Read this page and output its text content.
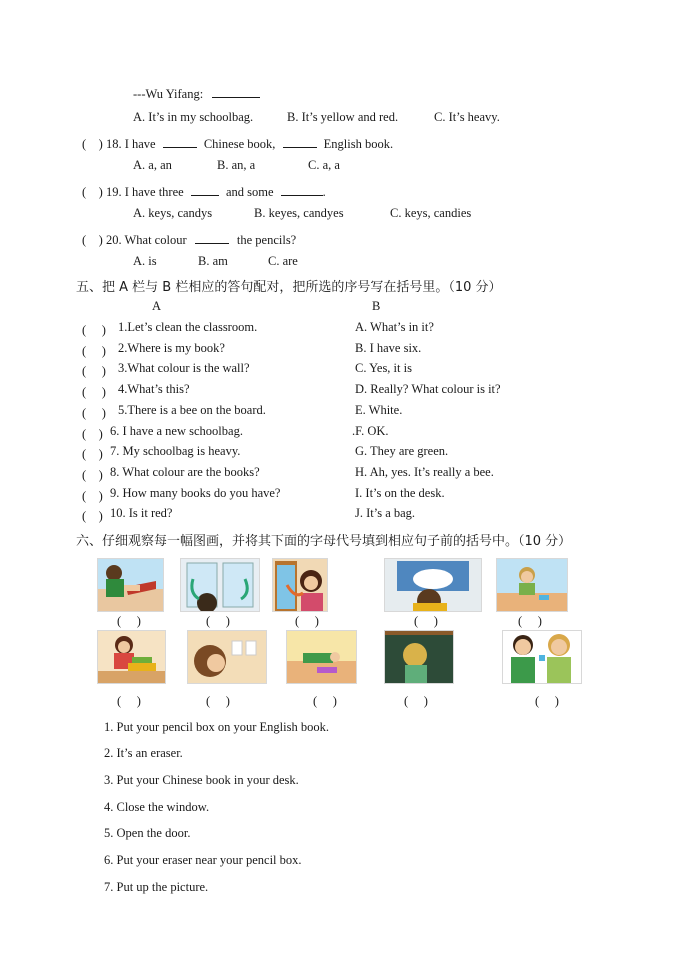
---Wu Yifang:
A. It’s in my schoolbag.	B. It’s yellow and red.	C. It’s heavy.
(　) 18. I have	Chinese book,	English book.
A. a, an	B. an, a	C. a, a
(　) 19. I have three	and some	.
A. keys, candys	B. keyes, candyes	C. keys, candies
(　) 20. What colour	the pencils?
A. is	B. am	C. are
五、把 A 栏与 B 栏相应的答句配对，把所选的序号写在括号里。（10 分）
A	B
(　 ) 1.Let’s clean the classroom.	A. What’s in it?
(　 ) 2.Where is my book?	B. I have six.
(　 ) 3.What colour is the wall?	C. Yes, it is
(　 ) 4.What’s this?	D. Really? What colour is it?
(　 ) 5.There is a bee on the board.	E. White.
(　) 6. I have a new schoolbag.	.F. OK.
(　) 7. My schoolbag is heavy.	G. They are green.
(　) 8. What colour are the books?	H. Ah, yes. It’s really a bee.
(　) 9. How many books do you have?	I. It’s on the desk.
(　) 10. Is it red?	J. It’s a bag.
六、仔细观察每一幅图画，并将其下面的字母代号填到相应句子前的括号中。（10 分）
(　 )	(　 )	(　 )	(　 )	(　 )
(　 )	(　 )	(　 )	(　 )	(　 )
1. Put your pencil box on your English book.
2. It’s an eraser.
3. Put your Chinese book in your desk.
4. Close the window.
5. Open the door.
6. Put your eraser near your pencil box.
7. Put up the picture.
